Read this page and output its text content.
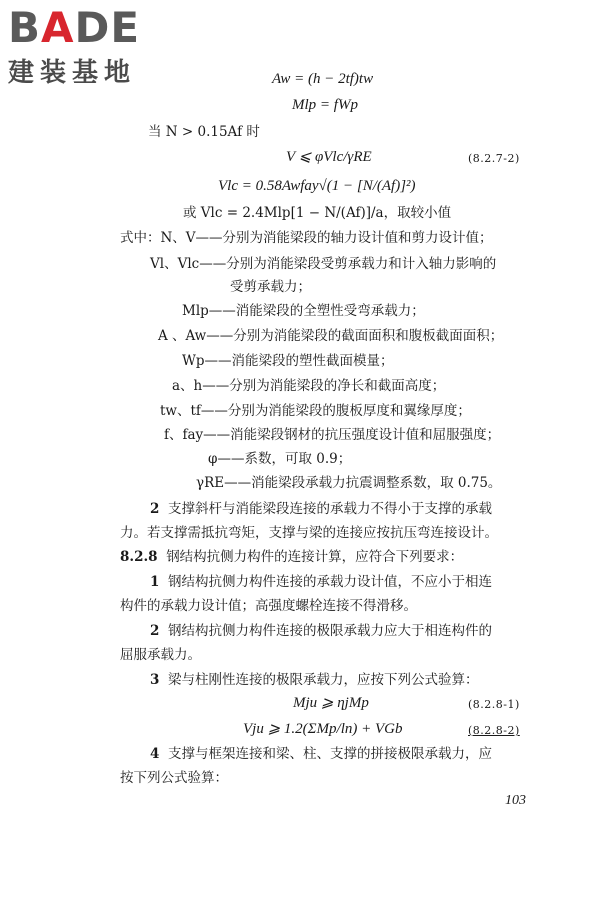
BADE
建装基地	Aw = (h − 2tf)tw
Mlp = fWp
当 N > 0.15Af 时
V ⩽ φVlc/γRE	(8.2.7-2)
Vlc = 0.58Awfay√(1 − [N/(Af)]²)
或 Vlc = 2.4Mlp[1 − N/(Af)]/a，取较小值
式中：N、V——分别为消能梁段的轴力设计值和剪力设计值；
Vl、Vlc——分别为消能梁段受剪承载力和计入轴力影响的
受剪承载力；
Mlp——消能梁段的全塑性受弯承载力；
A 、Aw——分别为消能梁段的截面面积和腹板截面面积；
Wp——消能梁段的塑性截面模量；
a、h——分别为消能梁段的净长和截面高度；
tw、tf——分别为消能梁段的腹板厚度和翼缘厚度；
f、fay——消能梁段钢材的抗压强度设计值和屈服强度；
φ——系数，可取 0.9；
γRE——消能梁段承载力抗震调整系数，取 0.75。
2 支撑斜杆与消能梁段连接的承载力不得小于支撑的承载
力。若支撑需抵抗弯矩，支撑与梁的连接应按抗压弯连接设计。
8.2.8 钢结构抗侧力构件的连接计算，应符合下列要求：
1 钢结构抗侧力构件连接的承载力设计值，不应小于相连
构件的承载力设计值；高强度螺栓连接不得滑移。
2 钢结构抗侧力构件连接的极限承载力应大于相连构件的
屈服承载力。
3 梁与柱刚性连接的极限承载力，应按下列公式验算：
Mju ⩾ ηjMp	(8.2.8-1)
Vju ⩾ 1.2(ΣMp/ln) + VGb	(8.2.8-2)
4 支撑与框架连接和梁、柱、支撑的拼接极限承载力，应
按下列公式验算：
103
